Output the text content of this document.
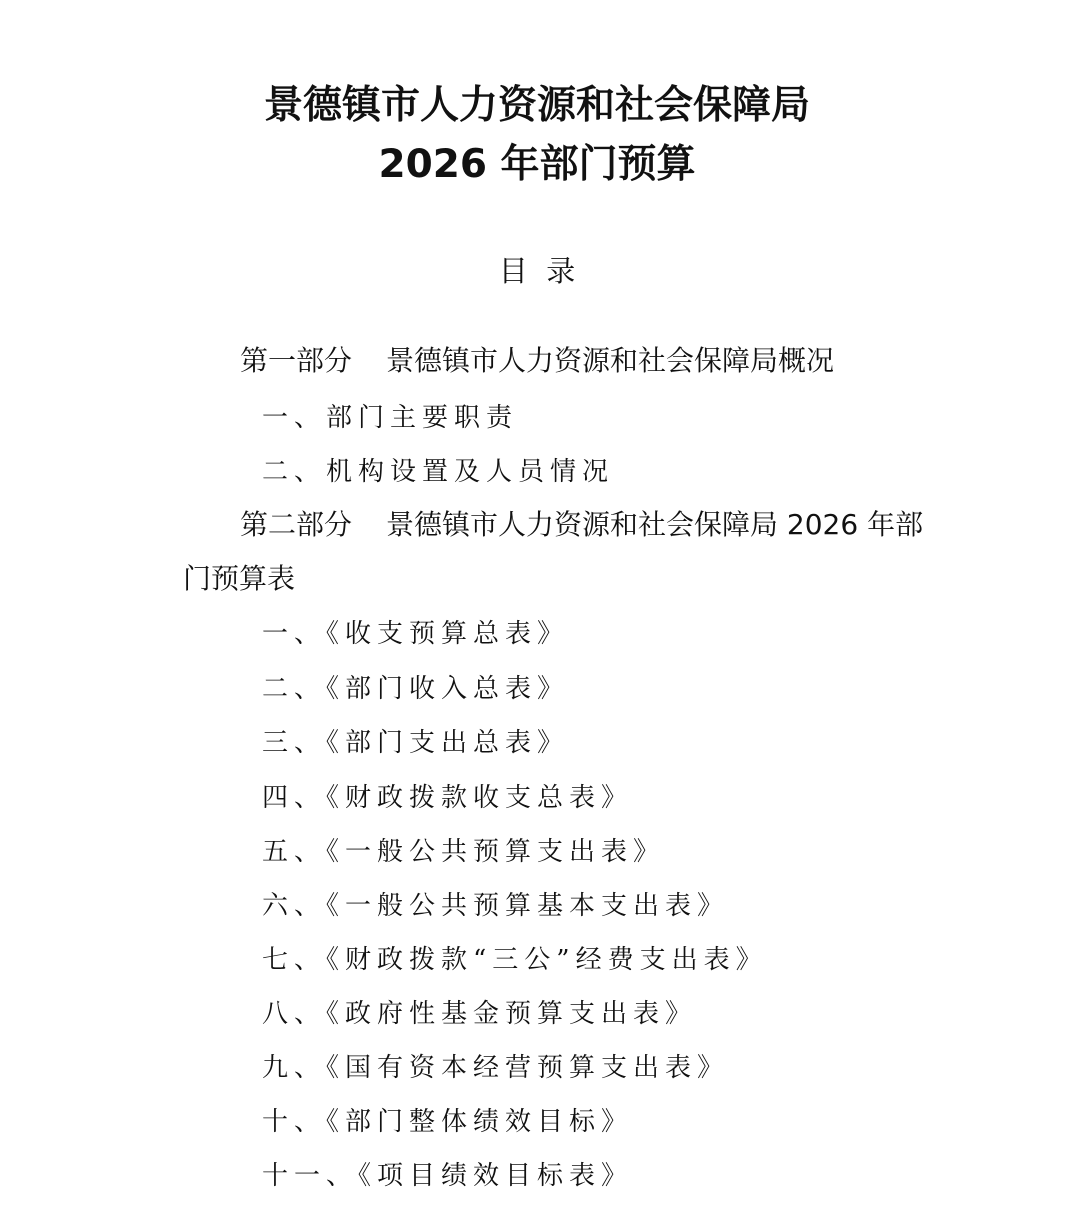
景德镇市人力资源和社会保障局
2026 年部门预算
目  录
第一部分 景德镇市人力资源和社会保障局概况
一、部门主要职责
二、机构设置及人员情况
第二部分 景德镇市人力资源和社会保障局 2026 年部
门预算表
一、《收支预算总表》
二、《部门收入总表》
三、《部门支出总表》
四、《财政拨款收支总表》
五、《一般公共预算支出表》
六、《一般公共预算基本支出表》
七、《财政拨款“三公”经费支出表》
八、《政府性基金预算支出表》
九、《国有资本经营预算支出表》
十、《部门整体绩效目标》
十一、《项目绩效目标表》
